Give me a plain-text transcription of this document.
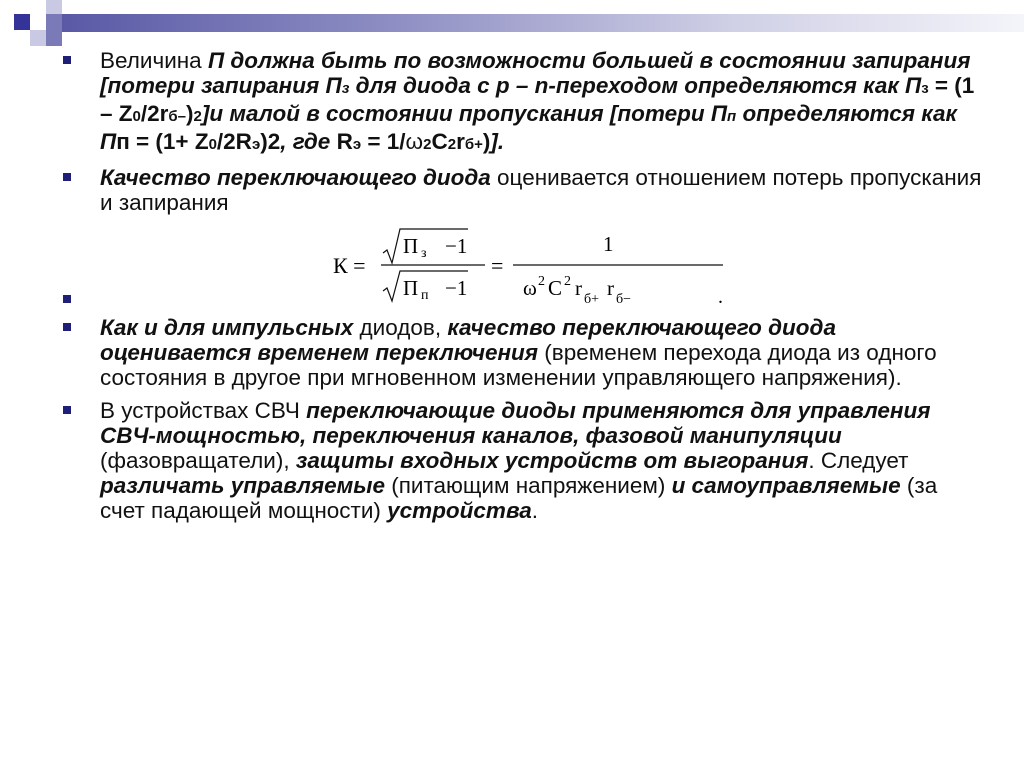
Величина П должна быть по возможности большей в состоянии запирания [потери запирания Пз для диода с p – n-переходом определяются как Пз = (1 – Z0/2rб–)2]и малой в состоянии пропускания [потери Пп определяются как Пп = (1+ Z0/2Rэ)2, где Rэ = 1/ω2C2rб+)].
Качество переключающего диода оценивается отношением потерь пропускания и запирания
К =
П з −1
П п −1
=
1
ω 2 C 2 r б+ r б−	.
Как и для импульсных диодов, качество переключающего диода оценивается временем переключения (временем перехода диода из одного состояния в другое при мгновенном изменении управляющего напряжения).
В устройствах СВЧ переключающие диоды применяются для управления СВЧ-мощностью, переключения каналов, фазовой манипуляции (фазовращатели), защиты входных устройств от выгорания. Следует различать управляемые (питающим напряжением) и самоуправляемые (за счет падающей мощности) устройства.
